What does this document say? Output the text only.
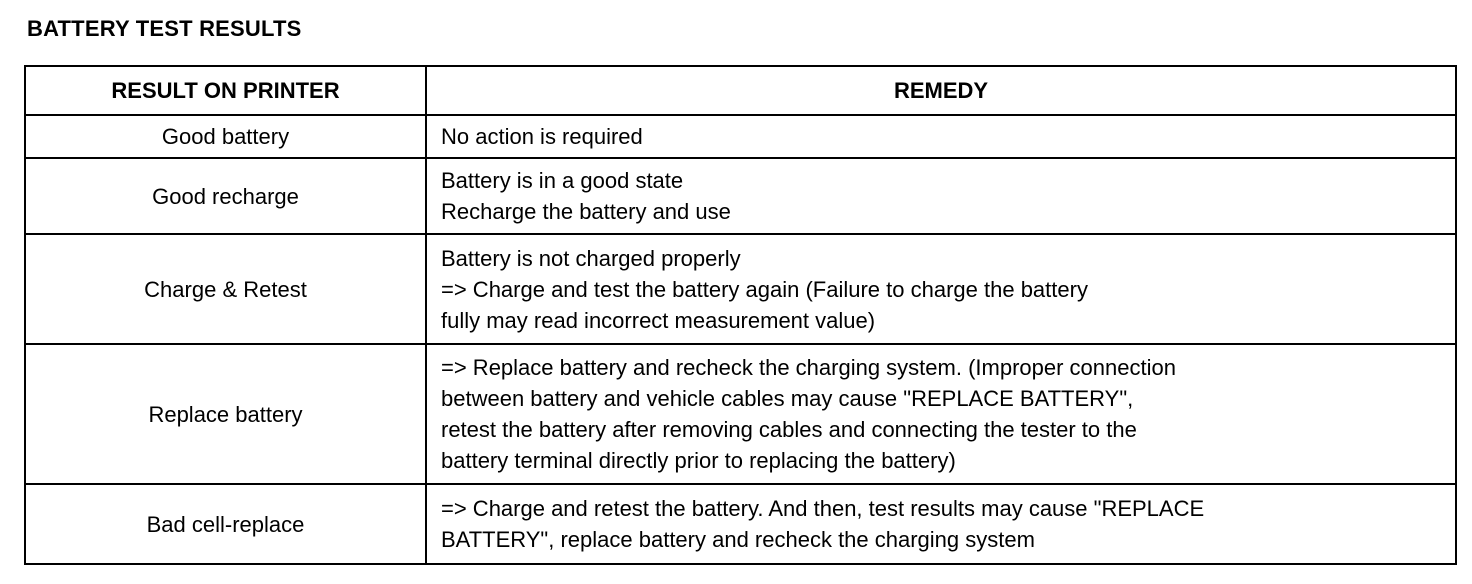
BATTERY TEST RESULTS
RESULT ON PRINTER	REMEDY
Good battery	No action is required

Good recharge	Battery is in a good state
Recharge the battery and use

Charge & Retest	Battery is not charged properly
=> Charge and test the battery again (Failure to charge the battery
fully may read incorrect measurement value)

Replace battery	=> Replace battery and recheck the charging system. (Improper connection
between battery and vehicle cables may cause "REPLACE BATTERY",
retest the battery after removing cables and connecting the tester to the
battery terminal directly prior to replacing the battery)

Bad cell-replace	=> Charge and retest the battery. And then, test results may cause "REPLACE
BATTERY", replace battery and recheck the charging system
